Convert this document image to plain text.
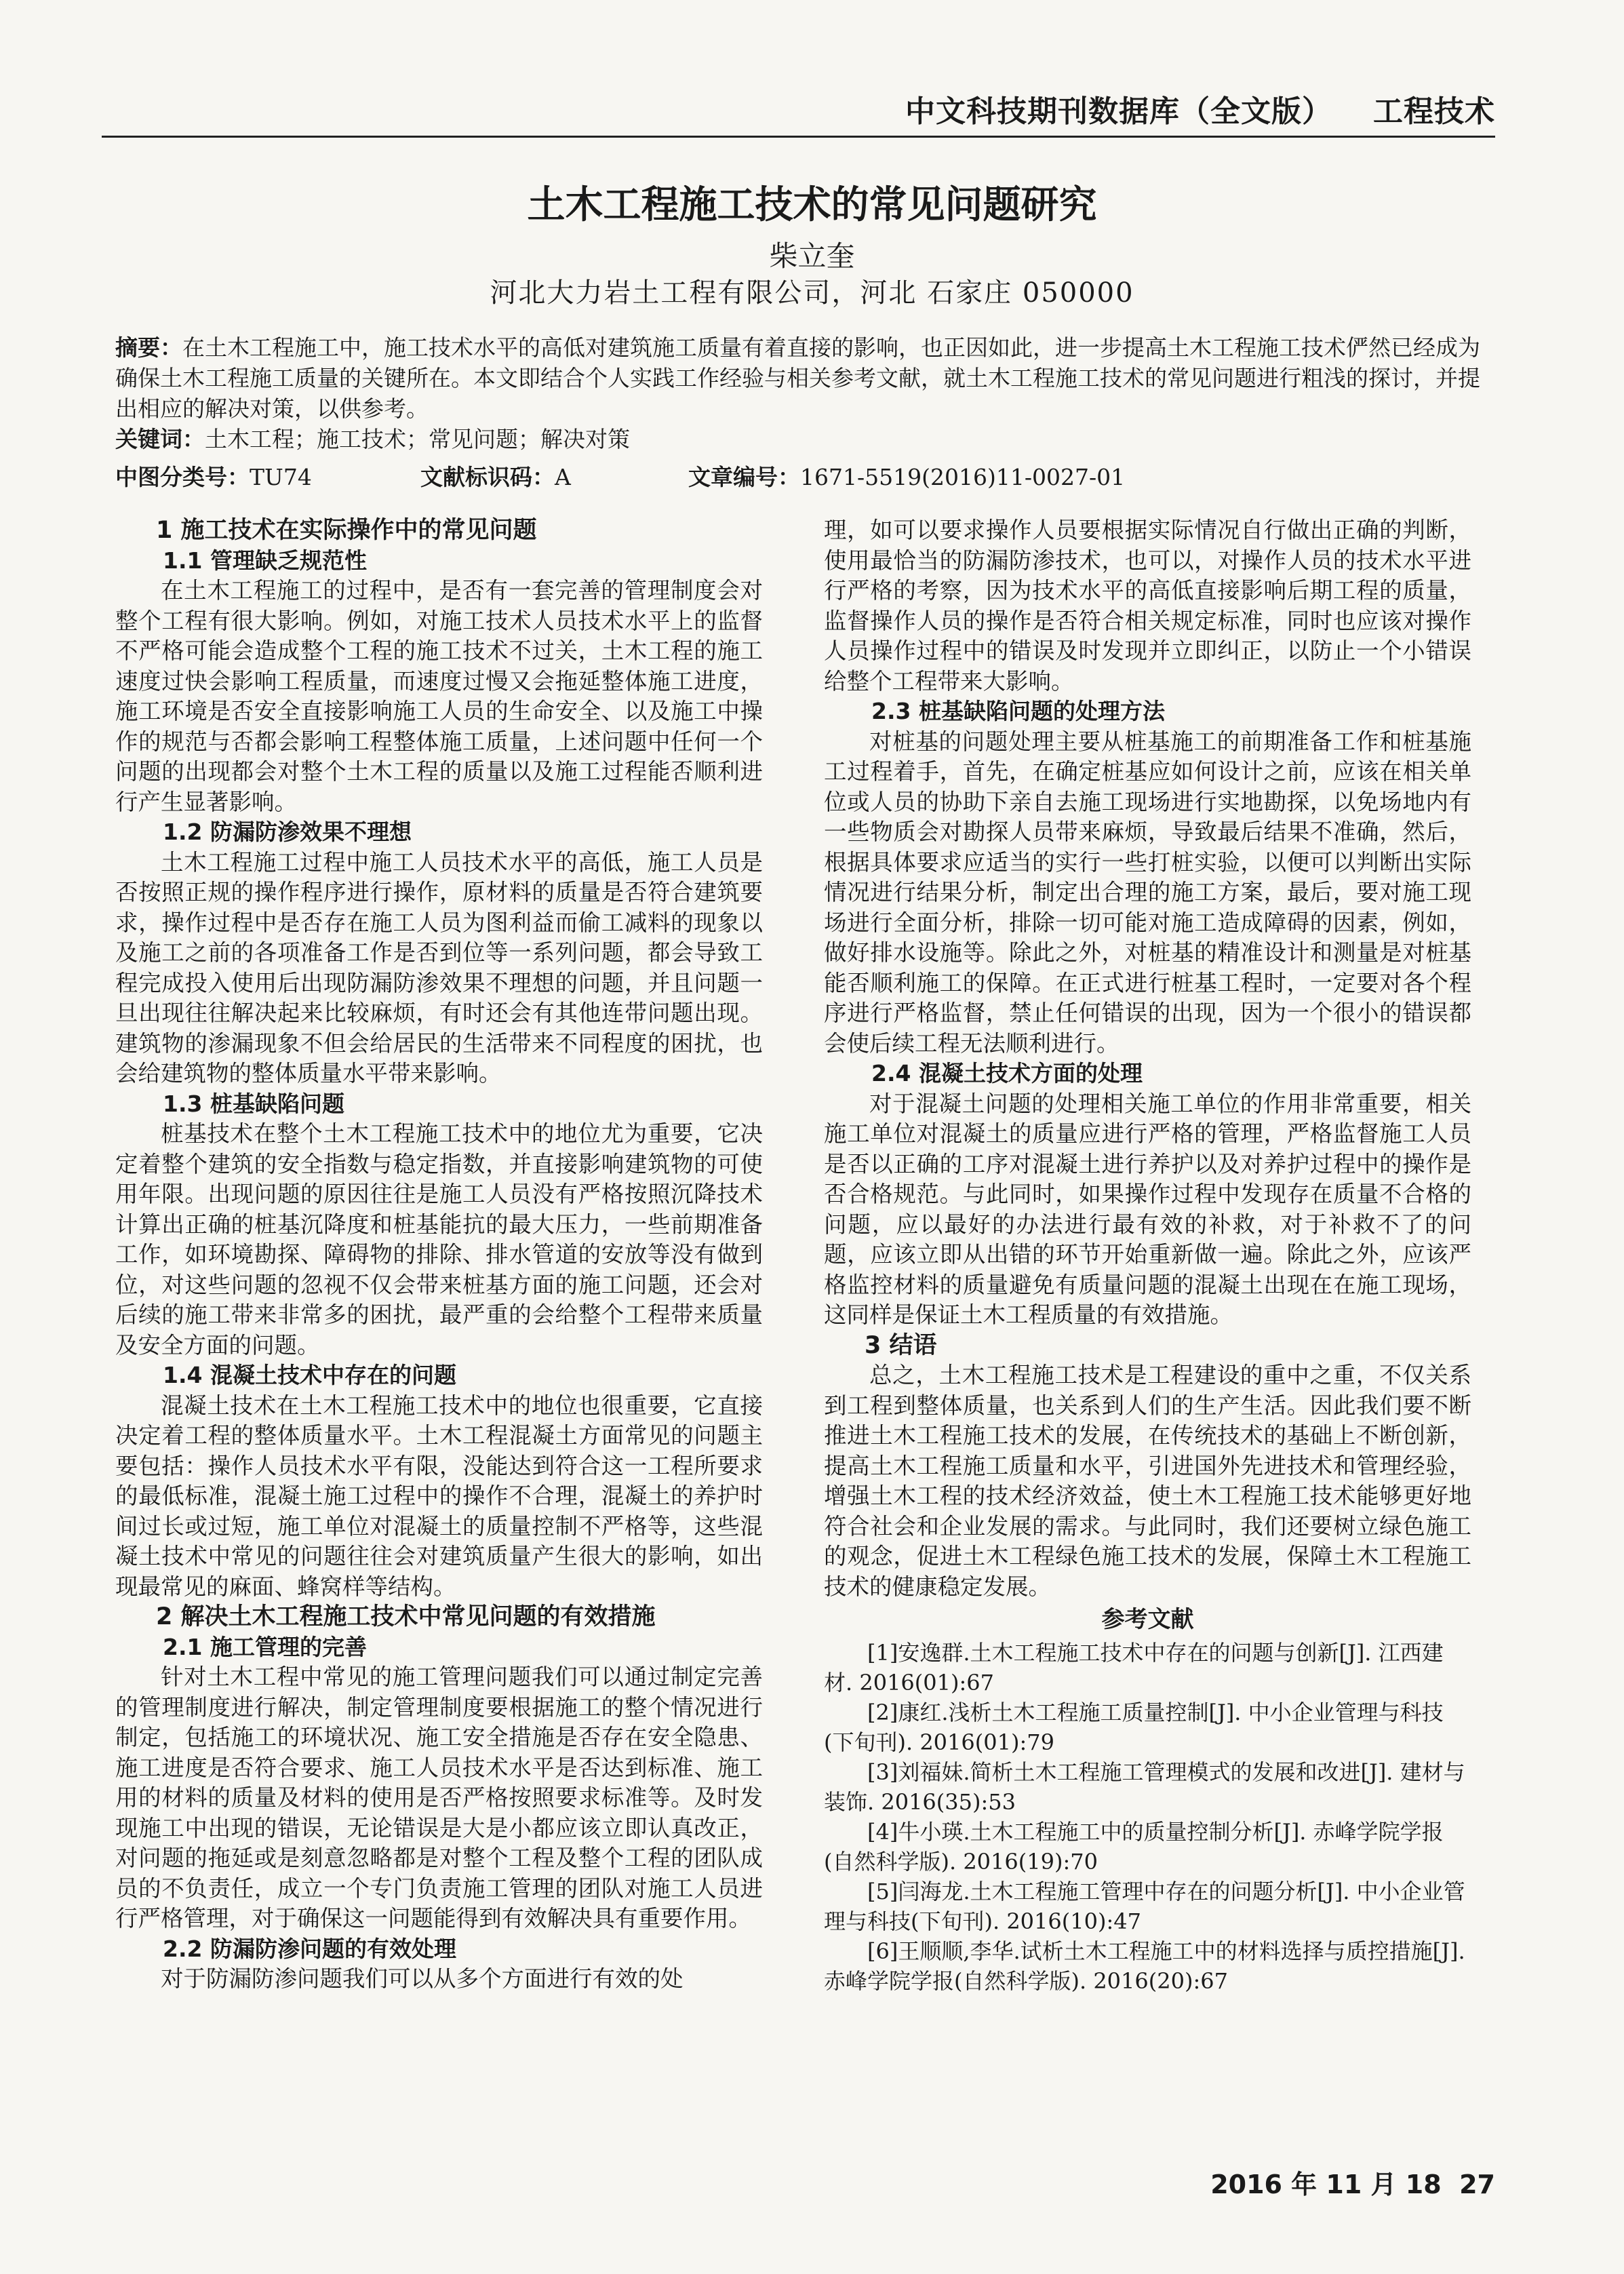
中文科技期刊数据库（全文版） 工程技术
土木工程施工技术的常见问题研究
柴立奎
河北大力岩土工程有限公司，河北 石家庄 050000
摘要：在土木工程施工中，施工技术水平的高低对建筑施工质量有着直接的影响，也正因如此，进一步提高土木工程施工技术俨然已经成为确保土木工程施工质量的关键所在。本文即结合个人实践工作经验与相关参考文献，就土木工程施工技术的常见问题进行粗浅的探讨，并提出相应的解决对策，以供参考。
关键词：土木工程；施工技术；常见问题；解决对策
中图分类号：TU74	文献标识码：A	文章编号：1671-5519(2016)11-0027-01
1 施工技术在实际操作中的常见问题
1.1 管理缺乏规范性

在土木工程施工的过程中，是否有一套完善的管理制度会对整个工程有很大影响。例如，对施工技术人员技术水平上的监督不严格可能会造成整个工程的施工技术不过关，土木工程的施工速度过快会影响工程质量，而速度过慢又会拖延整体施工进度，施工环境是否安全直接影响施工人员的生命安全、以及施工中操作的规范与否都会影响工程整体施工质量，上述问题中任何一个问题的出现都会对整个土木工程的质量以及施工过程能否顺利进行产生显著影响。

1.2 防漏防渗效果不理想

土木工程施工过程中施工人员技术水平的高低，施工人员是否按照正规的操作程序进行操作，原材料的质量是否符合建筑要求，操作过程中是否存在施工人员为图利益而偷工减料的现象以及施工之前的各项准备工作是否到位等一系列问题，都会导致工程完成投入使用后出现防漏防渗效果不理想的问题，并且问题一旦出现往往解决起来比较麻烦，有时还会有其他连带问题出现。建筑物的渗漏现象不但会给居民的生活带来不同程度的困扰，也会给建筑物的整体质量水平带来影响。

1.3 桩基缺陷问题

桩基技术在整个土木工程施工技术中的地位尤为重要，它决定着整个建筑的安全指数与稳定指数，并直接影响建筑物的可使用年限。出现问题的原因往往是施工人员没有严格按照沉降技术计算出正确的桩基沉降度和桩基能抗的最大压力，一些前期准备工作，如环境勘探、障碍物的排除、排水管道的安放等没有做到位，对这些问题的忽视不仅会带来桩基方面的施工问题，还会对后续的施工带来非常多的困扰，最严重的会给整个工程带来质量及安全方面的问题。

1.4 混凝土技术中存在的问题

混凝土技术在土木工程施工技术中的地位也很重要，它直接决定着工程的整体质量水平。土木工程混凝土方面常见的问题主要包括：操作人员技术水平有限，没能达到符合这一工程所要求的最低标准，混凝土施工过程中的操作不合理，混凝土的养护时间过长或过短，施工单位对混凝土的质量控制不严格等，这些混凝土技术中常见的问题往往会对建筑质量产生很大的影响，如出现最常见的麻面、蜂窝样等结构。

2 解决土木工程施工技术中常见问题的有效措施
2.1 施工管理的完善

针对土木工程中常见的施工管理问题我们可以通过制定完善的管理制度进行解决，制定管理制度要根据施工的整个情况进行制定，包括施工的环境状况、施工安全措施是否存在安全隐患、施工进度是否符合要求、施工人员技术水平是否达到标准、施工用的材料的质量及材料的使用是否严格按照要求标准等。及时发现施工中出现的错误，无论错误是大是小都应该立即认真改正，对问题的拖延或是刻意忽略都是对整个工程及整个工程的团队成员的不负责任，成立一个专门负责施工管理的团队对施工人员进行严格管理，对于确保这一问题能得到有效解决具有重要作用。

2.2 防漏防渗问题的有效处理

对于防漏防渗问题我们可以从多个方面进行有效的处

理，如可以要求操作人员要根据实际情况自行做出正确的判断，使用最恰当的防漏防渗技术，也可以，对操作人员的技术水平进行严格的考察，因为技术水平的高低直接影响后期工程的质量，监督操作人员的操作是否符合相关规定标准，同时也应该对操作人员操作过程中的错误及时发现并立即纠正，以防止一个小错误给整个工程带来大影响。

2.3 桩基缺陷问题的处理方法

对桩基的问题处理主要从桩基施工的前期准备工作和桩基施工过程着手，首先，在确定桩基应如何设计之前，应该在相关单位或人员的协助下亲自去施工现场进行实地勘探，以免场地内有一些物质会对勘探人员带来麻烦，导致最后结果不准确，然后，根据具体要求应适当的实行一些打桩实验，以便可以判断出实际情况进行结果分析，制定出合理的施工方案，最后，要对施工现场进行全面分析，排除一切可能对施工造成障碍的因素，例如，做好排水设施等。除此之外，对桩基的精准设计和测量是对桩基能否顺利施工的保障。在正式进行桩基工程时，一定要对各个程序进行严格监督，禁止任何错误的出现，因为一个很小的错误都会使后续工程无法顺利进行。

2.4 混凝土技术方面的处理

对于混凝土问题的处理相关施工单位的作用非常重要，相关施工单位对混凝土的质量应进行严格的管理，严格监督施工人员是否以正确的工序对混凝土进行养护以及对养护过程中的操作是否合格规范。与此同时，如果操作过程中发现存在质量不合格的问题，应以最好的办法进行最有效的补救，对于补救不了的问题，应该立即从出错的环节开始重新做一遍。除此之外，应该严格监控材料的质量避免有质量问题的混凝土出现在在施工现场，这同样是保证土木工程质量的有效措施。

3 结语

总之，土木工程施工技术是工程建设的重中之重，不仅关系到工程到整体质量，也关系到人们的生产生活。因此我们要不断推进土木工程施工技术的发展，在传统技术的基础上不断创新，提高土木工程施工质量和水平，引进国外先进技术和管理经验，增强土木工程的技术经济效益，使土木工程施工技术能够更好地符合社会和企业发展的需求。与此同时，我们还要树立绿色施工的观念，促进土木工程绿色施工技术的发展，保障土木工程施工技术的健康稳定发展。

参考文献

[1]安逸群.土木工程施工技术中存在的问题与创新[J]. 江西建材. 2016(01):67

[2]康红.浅析土木工程施工质量控制[J]. 中小企业管理与科技(下旬刊). 2016(01):79

[3]刘福妹.简析土木工程施工管理模式的发展和改进[J]. 建材与装饰. 2016(35):53

[4]牛小瑛.土木工程施工中的质量控制分析[J]. 赤峰学院学报(自然科学版). 2016(19):70

[5]闫海龙.土木工程施工管理中存在的问题分析[J]. 中小企业管理与科技(下旬刊). 2016(10):47

[6]王顺顺,李华.试析土木工程施工中的材料选择与质控措施[J]. 赤峰学院学报(自然科学版). 2016(20):67

2016 年 11 月 18 27
